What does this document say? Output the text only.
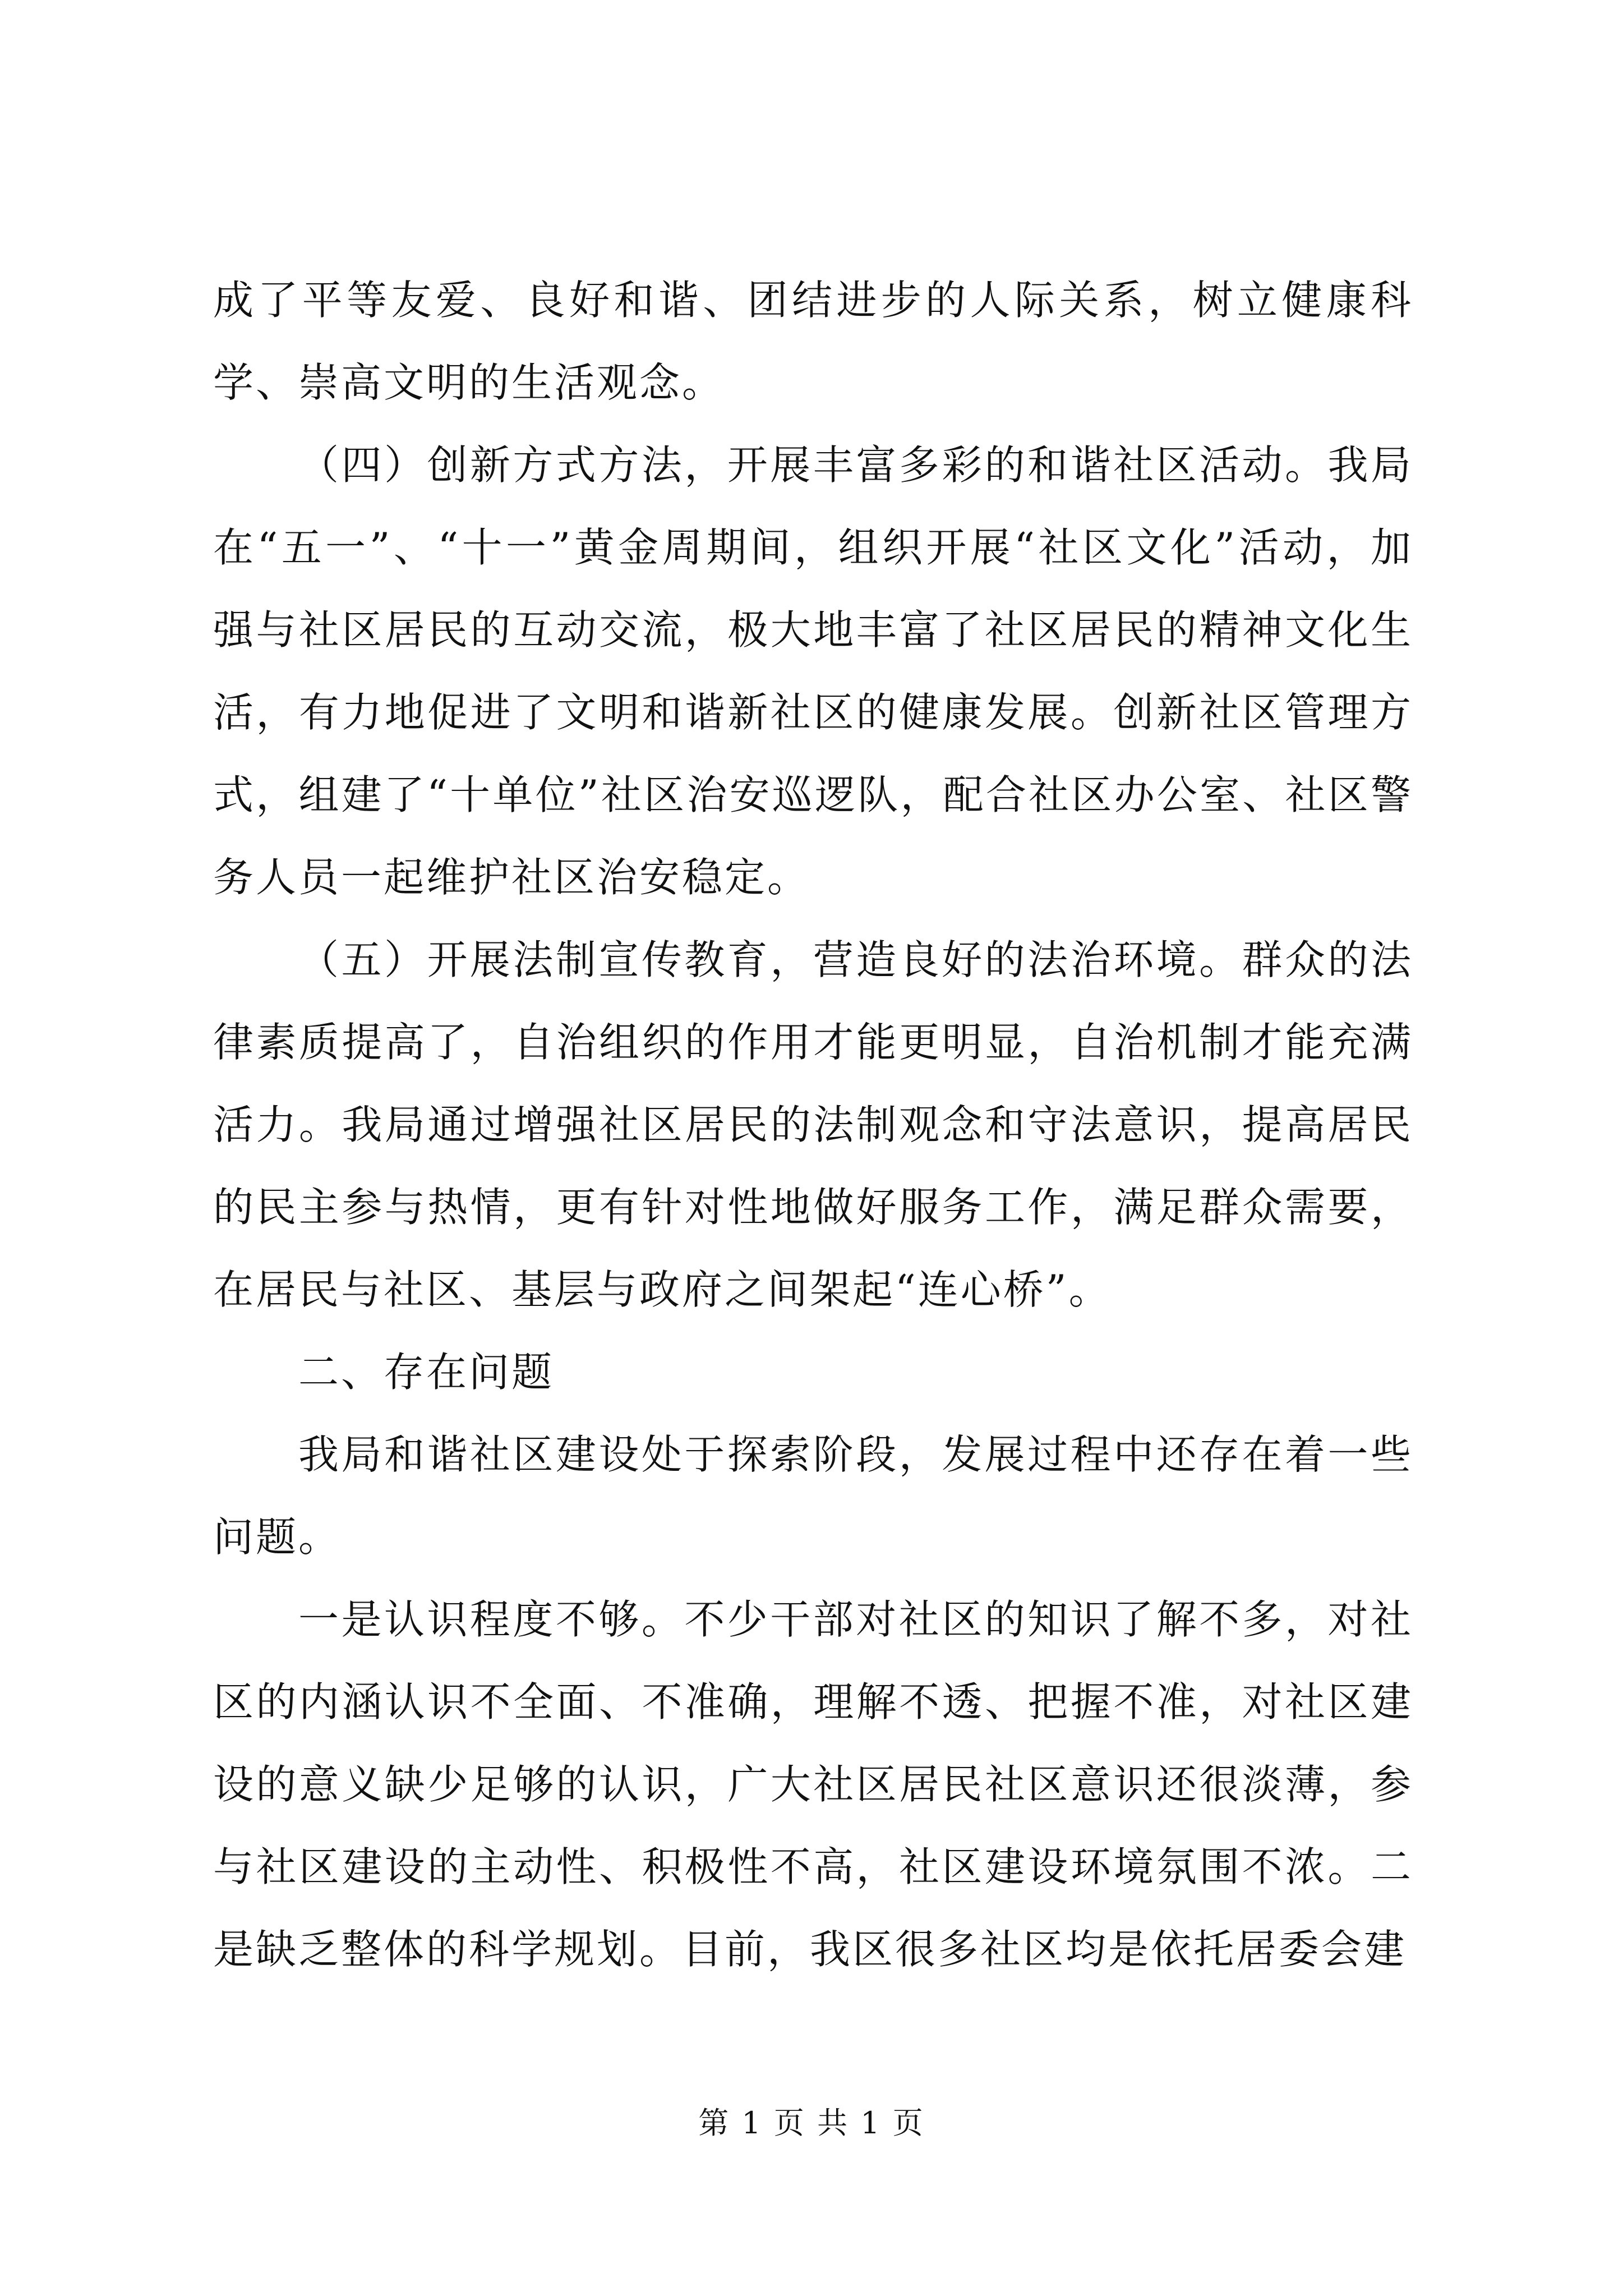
成了平等友爱、良好和谐、团结进步的人际关系，树立健康科学、崇高文明的生活观念。

（四）创新方式方法，开展丰富多彩的和谐社区活动。我局在“五一”、“十一”黄金周期间，组织开展“社区文化”活动，加强与社区居民的互动交流，极大地丰富了社区居民的精神文化生活，有力地促进了文明和谐新社区的健康发展。创新社区管理方式，组建了“十单位”社区治安巡逻队，配合社区办公室、社区警务人员一起维护社区治安稳定。

（五）开展法制宣传教育，营造良好的法治环境。群众的法律素质提高了，自治组织的作用才能更明显，自治机制才能充满活力。我局通过增强社区居民的法制观念和守法意识，提高居民的民主参与热情，更有针对性地做好服务工作，满足群众需要，在居民与社区、基层与政府之间架起“连心桥”。

二、存在问题

我局和谐社区建设处于探索阶段，发展过程中还存在着一些问题。

一是认识程度不够。不少干部对社区的知识了解不多，对社区的内涵认识不全面、不准确，理解不透、把握不准，对社区建设的意义缺少足够的认识，广大社区居民社区意识还很淡薄，参与社区建设的主动性、积极性不高，社区建设环境氛围不浓。二是缺乏整体的科学规划。目前，我区很多社区均是依托居委会建

第 1 页 共 1 页
